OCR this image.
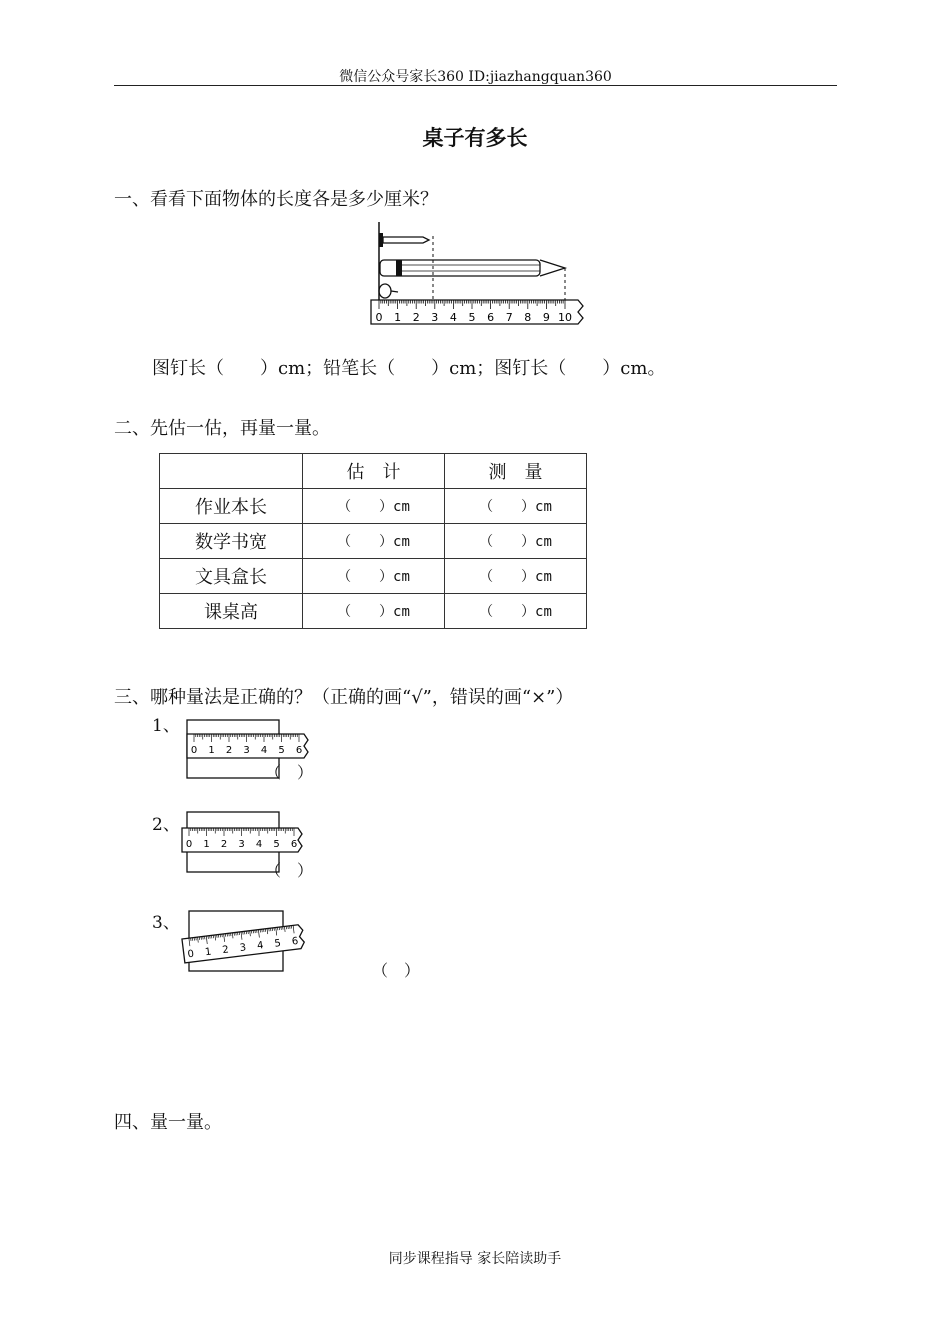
微信公众号家长360 ID:jiazhangquan360
桌子有多长
一、看看下面物体的长度各是多少厘米？
0 1 2 3 4 5 6 7 8 9 10
图钉长（　　）cm；铅笔长（　　）cm；图钉长（　　）cm。
二、先估一估，再量一量。
	估　计	测　量
作业本长	（　　）cm	（　　）cm
数学书宽	（　　）cm	（　　）cm
文具盒长	（　　）cm	（　　）cm
课桌高	（　　）cm	（　　）cm
三、哪种量法是正确的？（正确的画“√”，错误的画“×”）
1、
0 1 2 3 4 5 6
（　）
2、
0 1 2 3 4 5 6
（　）
3、
0 1 2 3 4 5 6
（　）
四、量一量。
同步课程指导 家长陪读助手
